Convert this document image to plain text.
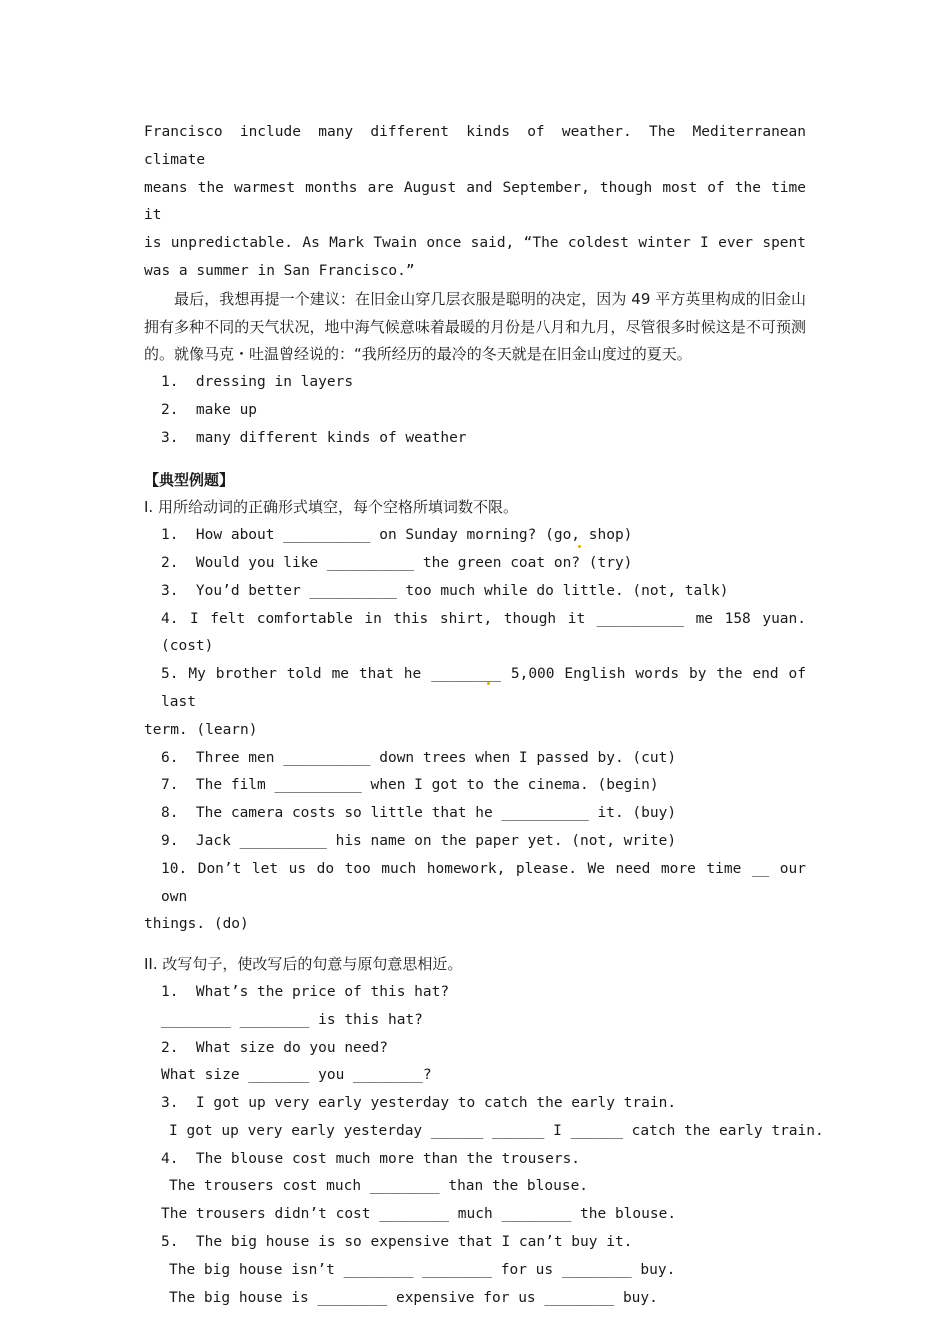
Francisco include many different kinds of weather. The Mediterranean climate

means the warmest months are August and September, though most of the time it

is unpredictable. As Mark Twain once said, “The coldest winter I ever spent

was a summer in San Francisco.”

最后，我想再提一个建议：在旧金山穿几层衣服是聪明的决定，因为 49 平方英里构成的旧金山拥有多种不同的天气状况，地中海气候意味着最暖的月份是八月和九月，尽管很多时候这是不可预测的。就像马克・吐温曾经说的：“我所经历的最冷的冬天就是在旧金山度过的夏天。

1.  dressing in layers

2.  make up

3.  many different kinds of weather

【典型例题】

I. 用所给动词的正确形式填空，每个空格所填词数不限。

1.  How about __________ on Sunday morning? (go, shop)

2.  Would you like __________ the green coat on? (try)

3.  You’d better __________ too much while do little. (not, talk)

4. I felt comfortable in this shirt, though it __________ me 158 yuan. (cost)

5. My brother told me that he ________ 5,000 English words by the end of last

term. (learn)

6.  Three men __________ down trees when I passed by. (cut)

7.  The film __________ when I got to the cinema. (begin)

8.  The camera costs so little that he __________ it. (buy)

9.  Jack __________ his name on the paper yet. (not, write)

10. Don’t let us do too much homework, please. We need more time __ our own

things. (do)

II. 改写句子，使改写后的句意与原句意思相近。

1.  What’s the price of this hat?

________ ________ is this hat?

2.  What size do you need?

What size _______ you ________?

3.  I got up very early yesterday to catch the early train.

I got up very early yesterday ______ ______ I ______ catch the early train.

4.  The blouse cost much more than the trousers.

The trousers cost much ________ than the blouse.

The trousers didn’t cost ________ much ________ the blouse.

5.  The big house is so expensive that I can’t buy it.

The big house isn’t ________ ________ for us ________ buy.

The big house is ________ expensive for us ________ buy.
